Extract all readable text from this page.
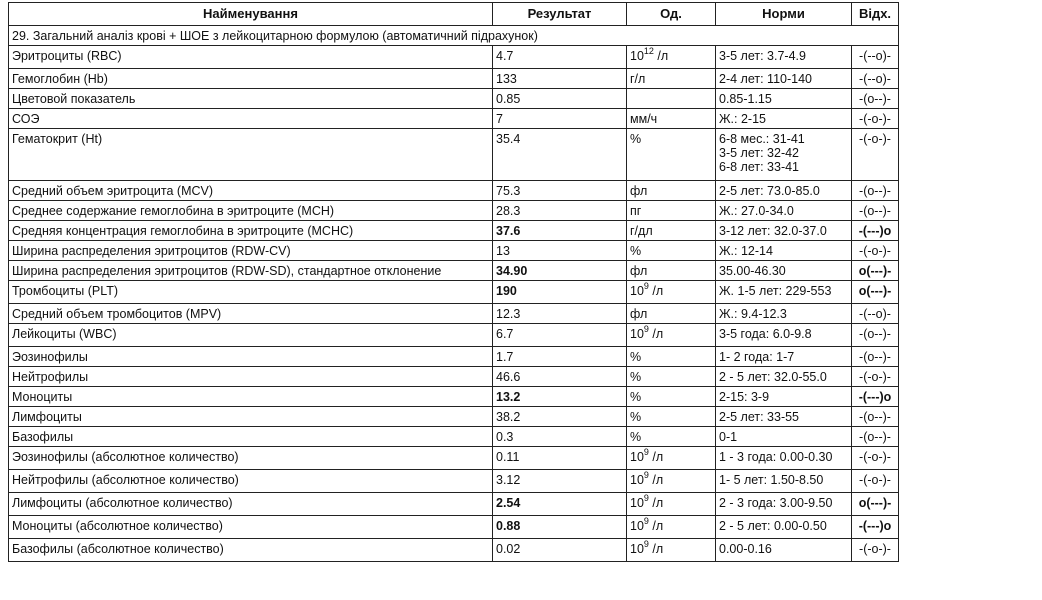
Найменування	Результат	Од.	Норми	Відх.
29. Загальний аналіз крові + ШОЕ з лейкоцитарною формулою (автоматичний підрахунок)				
Эритроциты (RBC)	4.7	$10^{12}$ /л	3-5 лет: 3.7-4.9	-(--о)-
Гемоглобин (Hb)	133	г/л	2-4 лет: 110-140	-(--о)-
Цветовой показатель	0.85		0.85-1.15	-(о--)-
СОЭ	7	мм/ч	Ж.: 2-15	-(-о-)-
Гематокрит (Ht)	35.4	%	6-8 мес.: 31-41
3-5 лет: 32-42
6-8 лет: 33-41	-(-о-)-
Средний объем эритроцита (MCV)	75.3	фл	2-5 лет: 73.0-85.0	-(о--)-
Среднее содержание гемоглобина в эритроците (MCH)	28.3	пг	Ж.: 27.0-34.0	-(о--)-
Средняя концентрация гемоглобина в эритроците (MCHC)	37.6	г/дл	3-12 лет: 32.0-37.0	-(---)о
Ширина распределения эритроцитов (RDW-CV)	13	%	Ж.: 12-14	-(-о-)-
Ширина распределения эритроцитов (RDW-SD), стандартное отклонение	34.90	фл	35.00-46.30	о(---)-
Тромбоциты (PLT)	190	$10^9$ /л	Ж. 1-5 лет: 229-553	о(---)-
Средний объем тромбоцитов (MPV)	12.3	фл	Ж.: 9.4-12.3	-(--о)-
Лейкоциты (WBC)	6.7	$10^9$ /л	3-5 года: 6.0-9.8	-(о--)-
Эозинофилы	1.7	%	1- 2 года: 1-7	-(о--)-
Нейтрофилы	46.6	%	2 - 5 лет: 32.0-55.0	-(-о-)-
Моноциты	13.2	%	2-15: 3-9	-(---)о
Лимфоциты	38.2	%	2-5 лет: 33-55	-(о--)-
Базофилы	0.3	%	0-1	-(о--)-
Эозинофилы (абсолютное количество)	0.11	$10^9$ /л	1 - 3 года: 0.00-0.30	-(-о-)-
Нейтрофилы (абсолютное количество)	3.12	$10^9$ /л	1- 5 лет: 1.50-8.50	-(-о-)-
Лимфоциты (абсолютное количество)	2.54	$10^9$ /л	2 - 3 года: 3.00-9.50	о(---)-
Моноциты (абсолютное количество)	0.88	$10^9$ /л	2 - 5 лет: 0.00-0.50	-(---)о
Базофилы (абсолютное количество)	0.02	$10^9$ /л	0.00-0.16	-(-о-)-
